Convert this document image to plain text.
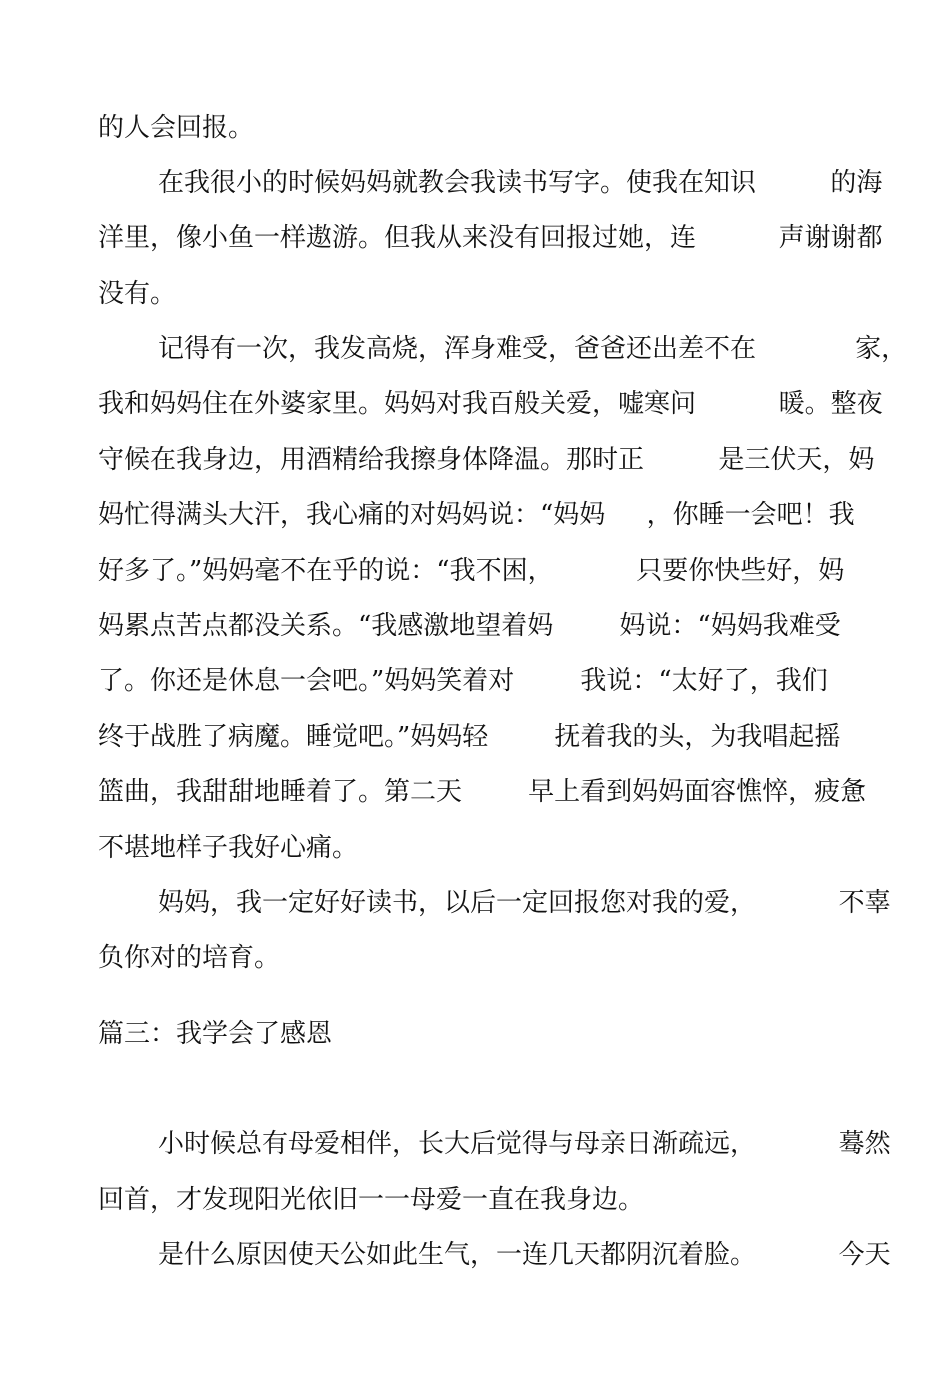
的人会回报。
在我很小的时候妈妈就教会我读书写字。使我在知识         的海
洋里，像小鱼一样遨游。但我从来没有回报过她，连          声谢谢都
没有。
记得有一次，我发高烧，浑身难受，爸爸还出差不在            家，
我和妈妈住在外婆家里。妈妈对我百般关爱，嘘寒问          暖。整夜
守候在我身边，用酒精给我擦身体降温。那时正         是三伏天，妈
妈忙得满头大汗，我心痛的对妈妈说：“妈妈     ，你睡一会吧！我
好多了。”妈妈毫不在乎的说：“我不困，          只要你快些好，妈
妈累点苦点都没关系。“我感激地望着妈        妈说：“妈妈我难受
了。你还是休息一会吧。”妈妈笑着对        我说：“太好了，我们
终于战胜了病魔。睡觉吧。”妈妈轻        抚着我的头，为我唱起摇
篮曲，我甜甜地睡着了。第二天        早上看到妈妈面容憔悴，疲惫
不堪地样子我好心痛。
妈妈，我一定好好读书，以后一定回报您对我的爱，          不辜
负你对的培育。
篇三：我学会了感恩
小时候总有母爱相伴，长大后觉得与母亲日渐疏远，          蓦然
回首，才发现阳光依旧一一母爱一直在我身边。
是什么原因使天公如此生气，一连几天都阴沉着脸。          今天
